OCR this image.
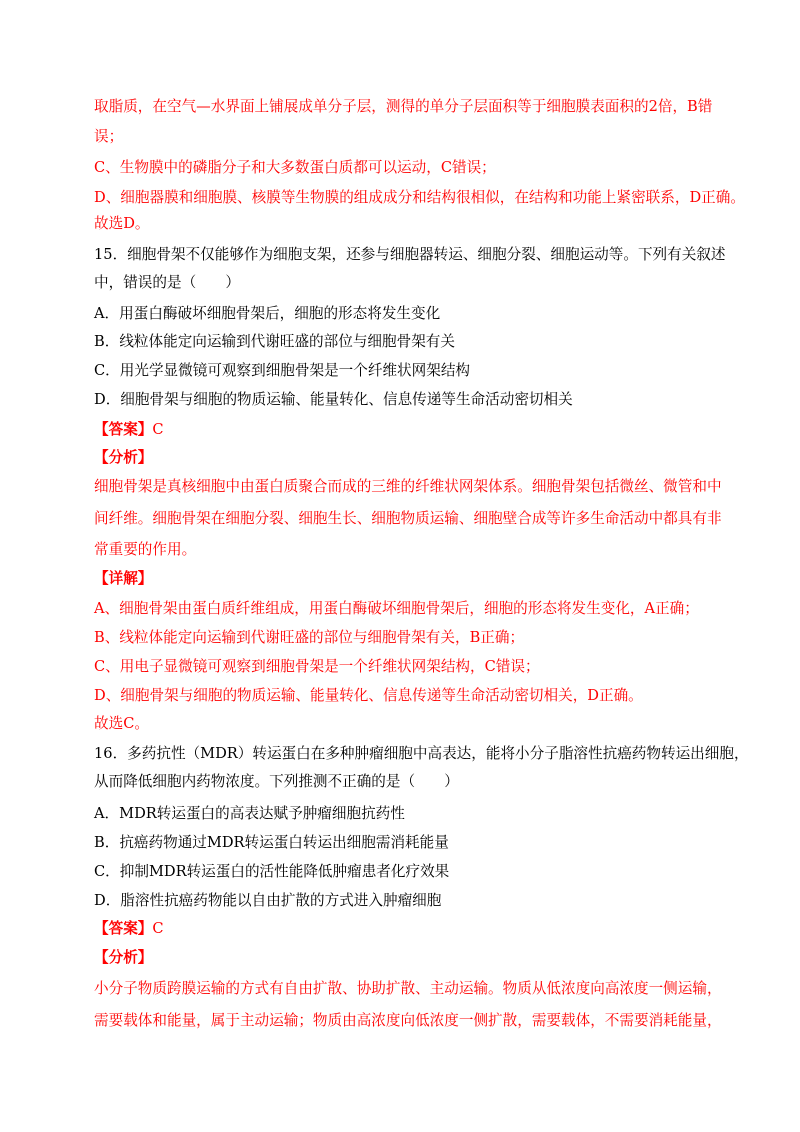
取脂质，在空气—水界面上铺展成单分子层，测得的单分子层面积等于细胞膜表面积的2倍，B错

误；

C、生物膜中的磷脂分子和大多数蛋白质都可以运动，C错误；

D、细胞器膜和细胞膜、核膜等生物膜的组成成分和结构很相似，在结构和功能上紧密联系，D正确。

故选D。

15．细胞骨架不仅能够作为细胞支架，还参与细胞器转运、细胞分裂、细胞运动等。下列有关叙述

中，错误的是（　　）

A．用蛋白酶破坏细胞骨架后，细胞的形态将发生变化

B．线粒体能定向运输到代谢旺盛的部位与细胞骨架有关

C．用光学显微镜可观察到细胞骨架是一个纤维状网架结构

D．细胞骨架与细胞的物质运输、能量转化、信息传递等生命活动密切相关

【答案】C

【分析】

细胞骨架是真核细胞中由蛋白质聚合而成的三维的纤维状网架体系。细胞骨架包括微丝、微管和中

间纤维。细胞骨架在细胞分裂、细胞生长、细胞物质运输、细胞壁合成等许多生命活动中都具有非

常重要的作用。

【详解】

A、细胞骨架由蛋白质纤维组成，用蛋白酶破坏细胞骨架后，细胞的形态将发生变化，A正确；

B、线粒体能定向运输到代谢旺盛的部位与细胞骨架有关，B正确；

C、用电子显微镜可观察到细胞骨架是一个纤维状网架结构，C错误；

D、细胞骨架与细胞的物质运输、能量转化、信息传递等生命活动密切相关，D正确。

故选C。

16．多药抗性（MDR）转运蛋白在多种肿瘤细胞中高表达，能将小分子脂溶性抗癌药物转运出细胞，

从而降低细胞内药物浓度。下列推测不正确的是（　　）

A．MDR转运蛋白的高表达赋予肿瘤细胞抗药性

B．抗癌药物通过MDR转运蛋白转运出细胞需消耗能量

C．抑制MDR转运蛋白的活性能降低肿瘤患者化疗效果

D．脂溶性抗癌药物能以自由扩散的方式进入肿瘤细胞

【答案】C

【分析】

小分子物质跨膜运输的方式有自由扩散、协助扩散、主动运输。物质从低浓度向高浓度一侧运输，

需要载体和能量，属于主动运输；物质由高浓度向低浓度一侧扩散，需要载体，不需要消耗能量，
